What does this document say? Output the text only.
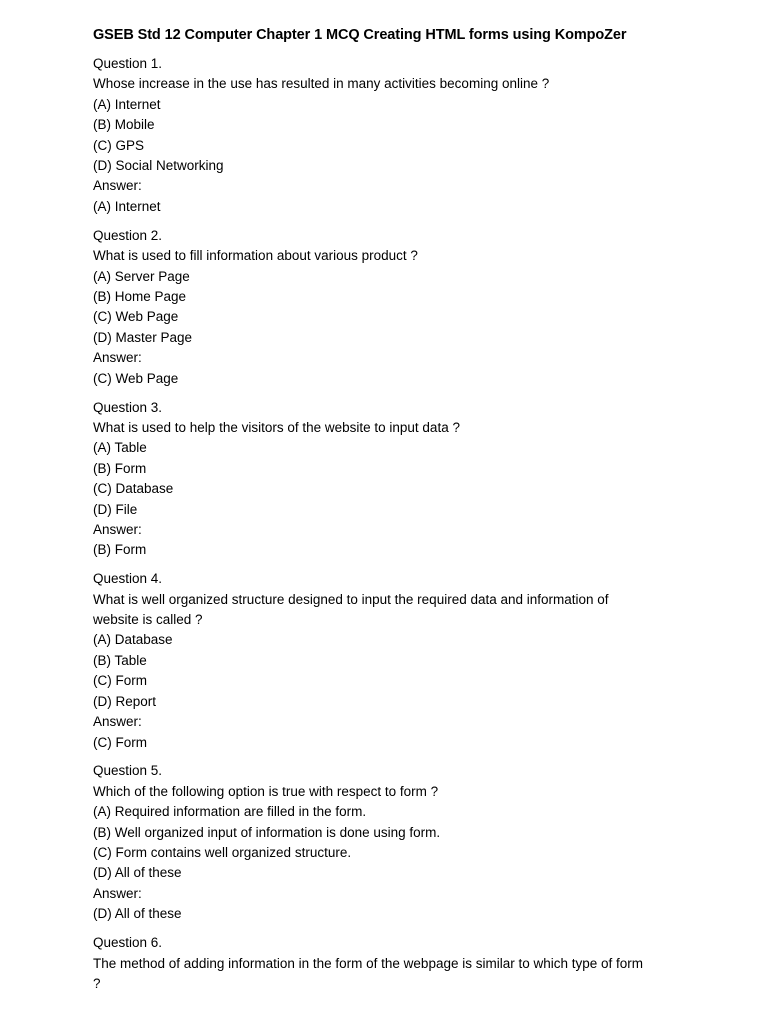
GSEB Std 12 Computer Chapter 1 MCQ Creating HTML forms using KompoZer

Question 1.

Whose increase in the use has resulted in many activities becoming online ?

(A) Internet
(B) Mobile
(C) GPS
(D) Social Networking

Answer:

(A) Internet

Question 2.

What is used to fill information about various product ?

(A) Server Page
(B) Home Page
(C) Web Page
(D) Master Page

Answer:

(C) Web Page

Question 3.

What is used to help the visitors of the website to input data ?

(A) Table
(B) Form
(C) Database
(D) File

Answer:

(B) Form

Question 4.

What is well organized structure designed to input the required data and information of website is called ?

(A) Database
(B) Table
(C) Form
(D) Report

Answer:

(C) Form

Question 5.

Which of the following option is true with respect to form ?

(A) Required information are filled in the form.
(B) Well organized input of information is done using form.
(C) Form contains well organized structure.
(D) All of these

Answer:

(D) All of these

Question 6.

The method of adding information in the form of the webpage is similar to which type of form ?
